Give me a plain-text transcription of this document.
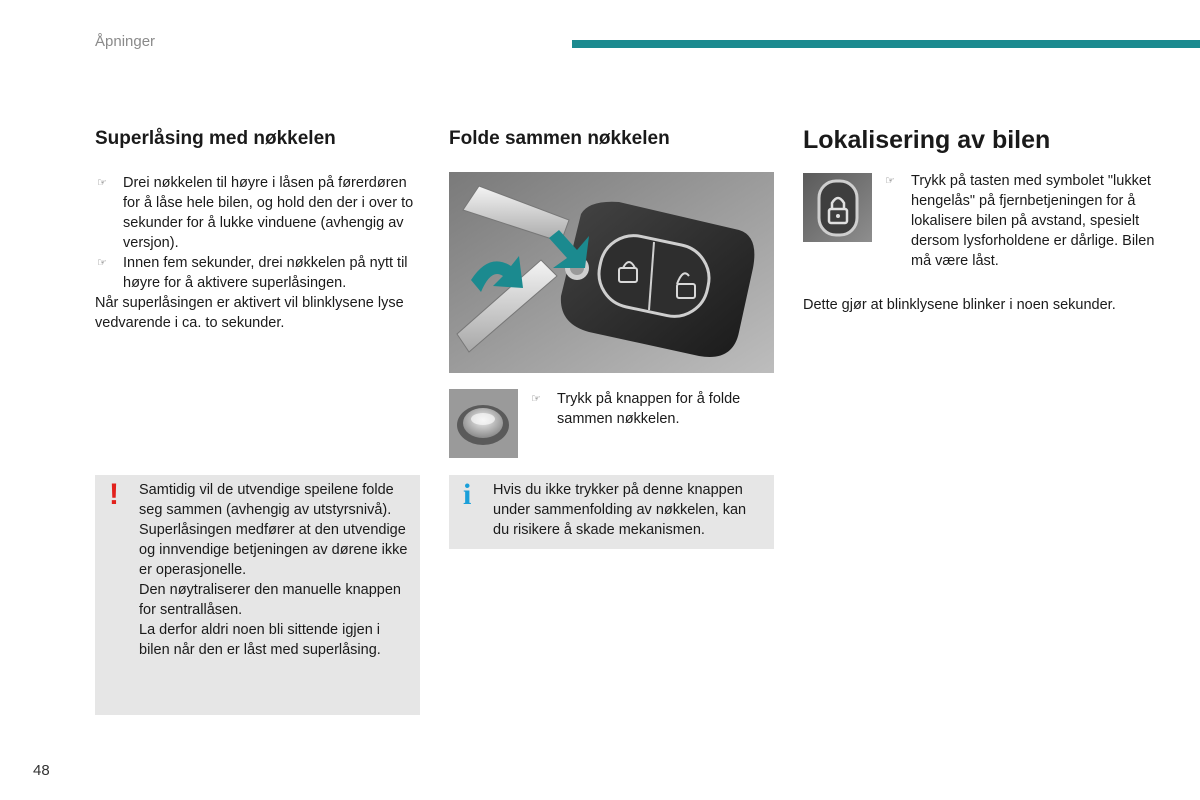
Åpninger
Superlåsing med nøkkelen
☞ Drei nøkkelen til høyre i låsen på førerdøren for å låse hele bilen, og hold den der i over to sekunder for å lukke vinduene (avhengig av versjon).
☞ Innen fem sekunder, drei nøkkelen på nytt til høyre for å aktivere superlåsingen.

Når superlåsingen er aktivert vil blinklysene lyse vedvarende i ca. to sekunder.

! Samtidig vil de utvendige speilene folde seg sammen (avhengig av utstyrsnivå).

Superlåsingen medfører at den utvendige og innvendige betjeningen av dørene ikke er operasjonelle.

Den nøytraliserer den manuelle knappen for sentrallåsen.

La derfor aldri noen bli sittende igjen i bilen når den er låst med superlåsing.

Folde sammen nøkkelen
☞ Trykk på knappen for å folde sammen nøkkelen.
i	Hvis du ikke trykker på denne knappen under sammenfolding av nøkkelen, kan du risikere å skade mekanismen.
Lokalisering av bilen
☞ Trykk på tasten med symbolet "lukket hengelås" på fjernbetjeningen for å lokalisere bilen på avstand, spesielt dersom lysforholdene er dårlige. Bilen må være låst.

Dette gjør at blinklysene blinker i noen sekunder.

48
